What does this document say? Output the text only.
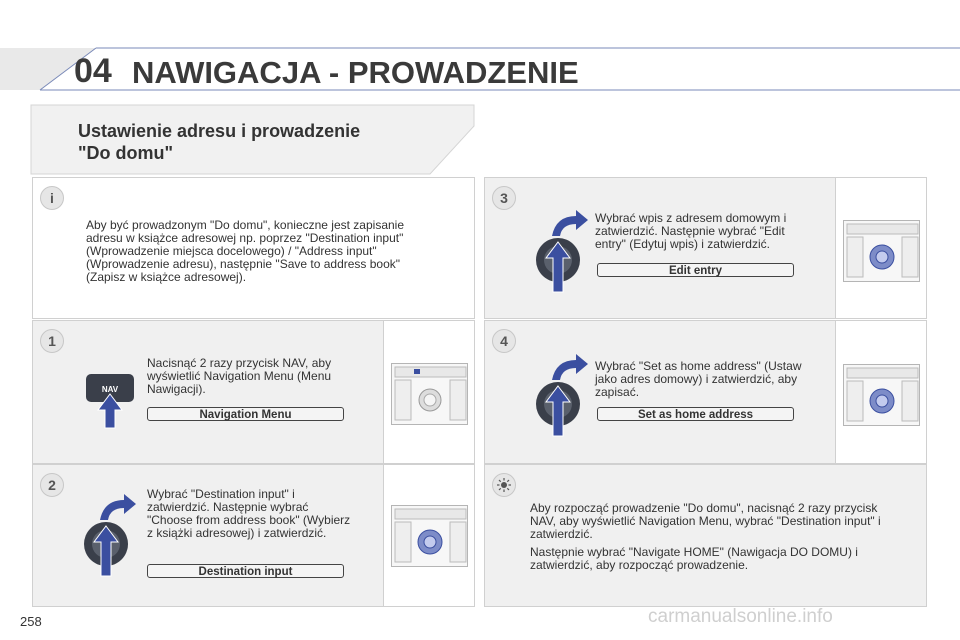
04 NAWIGACJA - PROWADZENIE
Ustawienie adresu i prowadzenie
"Do domu"
i
Aby być prowadzonym "Do domu", konieczne jest zapisanie
adresu w książce adresowej np. poprzez "Destination input"
(Wprowadzenie miejsca docelowego) / "Address input"
(Wprowadzenie adresu), następnie "Save to address book"
(Zapisz w książce adresowej).
1
Nacisnąć 2 razy przycisk NAV, aby
wyświetlić Navigation Menu (Menu
Nawigacji).
NAV
Navigation Menu
2
Wybrać "Destination input" i
zatwierdzić. Następnie wybrać
"Choose from address book" (Wybierz
z książki adresowej) i zatwierdzić.
Destination input
3
Wybrać wpis z adresem domowym i
zatwierdzić. Następnie wybrać "Edit
entry" (Edytuj wpis) i zatwierdzić.
Edit entry
4
Wybrać "Set as home address" (Ustaw
jako adres domowy) i zatwierdzić, aby
zapisać.
Set as home address
Aby rozpocząć prowadzenie "Do domu", nacisnąć 2 razy przycisk
NAV, aby wyświetlić Navigation Menu, wybrać "Destination input" i
zatwierdzić.
Następnie wybrać "Navigate HOME" (Nawigacja DO DOMU) i
zatwierdzić, aby rozpocząć prowadzenie.
258	carmanualsonline.info
